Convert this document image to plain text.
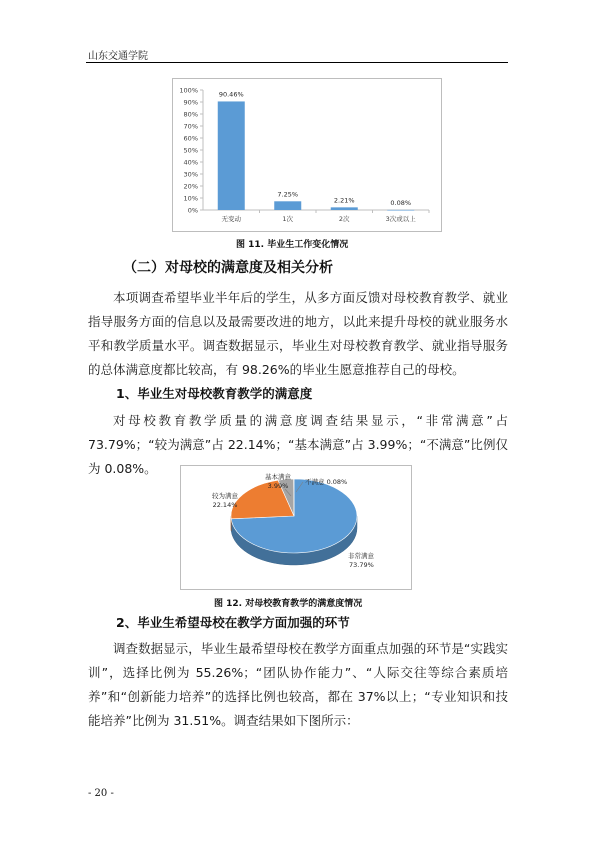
山东交通学院
0%
10%
20%
30%
40%
50%
60%
70%
80%
90%
100%	90.46%
无变动
7.25%
1次
2.21%
2次
0.08%
3次或以上
图 11. 毕业生工作变化情况
（二）对母校的满意度及相关分析
本项调查希望毕业半年后的学生，从多方面反馈对母校教育教学、就业指导服务方面的信息以及最需要改进的地方，以此来提升母校的就业服务水平和教学质量水平。调查数据显示，毕业生对母校教育教学、就业指导服务的总体满意度都比较高，有 98.26%的毕业生愿意推荐自己的母校。
1、毕业生对母校教育教学的满意度
对母校教育教学质量的满意度调查结果显示，“非常满意”占 73.79%；“较为满意”占 22.14%；“基本满意”占 3.99%；“不满意”比例仅为 0.08%。
非常满意
73.79%
较为满意
22.14%
基本满意
3.99%	不满意 0.08%
图 12. 对母校教育教学的满意度情况
2、毕业生希望母校在教学方面加强的环节
调查数据显示，毕业生最希望母校在教学方面重点加强的环节是“实践实训”，选择比例为 55.26%；“团队协作能力”、“人际交往等综合素质培养”和“创新能力培养”的选择比例也较高，都在 37%以上；“专业知识和技能培养”比例为 31.51%。调查结果如下图所示：
- 20 -
